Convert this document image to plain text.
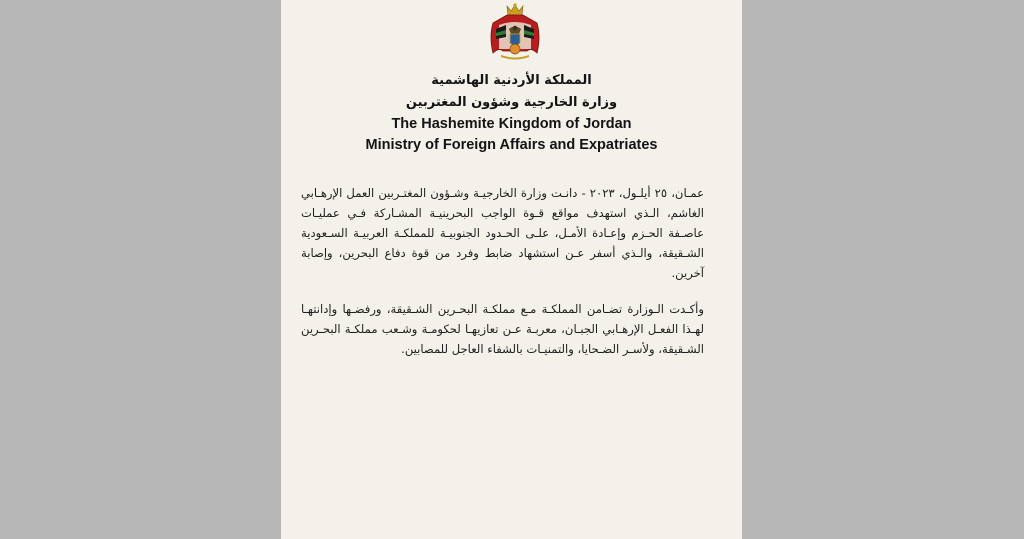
المملكة الأردنية الهاشمية
وزارة الخارجية وشؤون المغتربين
The Hashemite Kingdom of Jordan
Ministry of Foreign Affairs and Expatriates

عمـان، ٢٥ أيلـول، ٢٠٢٣ - دانـت وزارة الخارجيـة وشـؤون المغتـربين العمل الإرهـابي الغاشم، الـذي استهدف مواقع قـوة الواجب البحرينيـة المشـاركة فـي عمليـات عاصـفة الحـزم وإعـادة الأمـل، علـى الحـدود الجنوبيـة للمملكـة العربيـة السـعودية الشـقيقة، والـذي أسفر عـن استشهاد ضابط وفرد من قوة دفاع البحرين، وإصابة آخرين.

وأكـدت الـوزارة تضـامن المملكـة مـع مملكـة البحـرين الشـقيقة، ورفضـها وإدانتهـا لهـذا الفعـل الإرهـابي الجبـان، معربـة عـن تعازيهـا لحكومـة وشـعب مملكـة البحـرين الشـقيقة، ولأسـر الضـحايا، والتمنيـات بالشفاء العاجل للمصابين.
